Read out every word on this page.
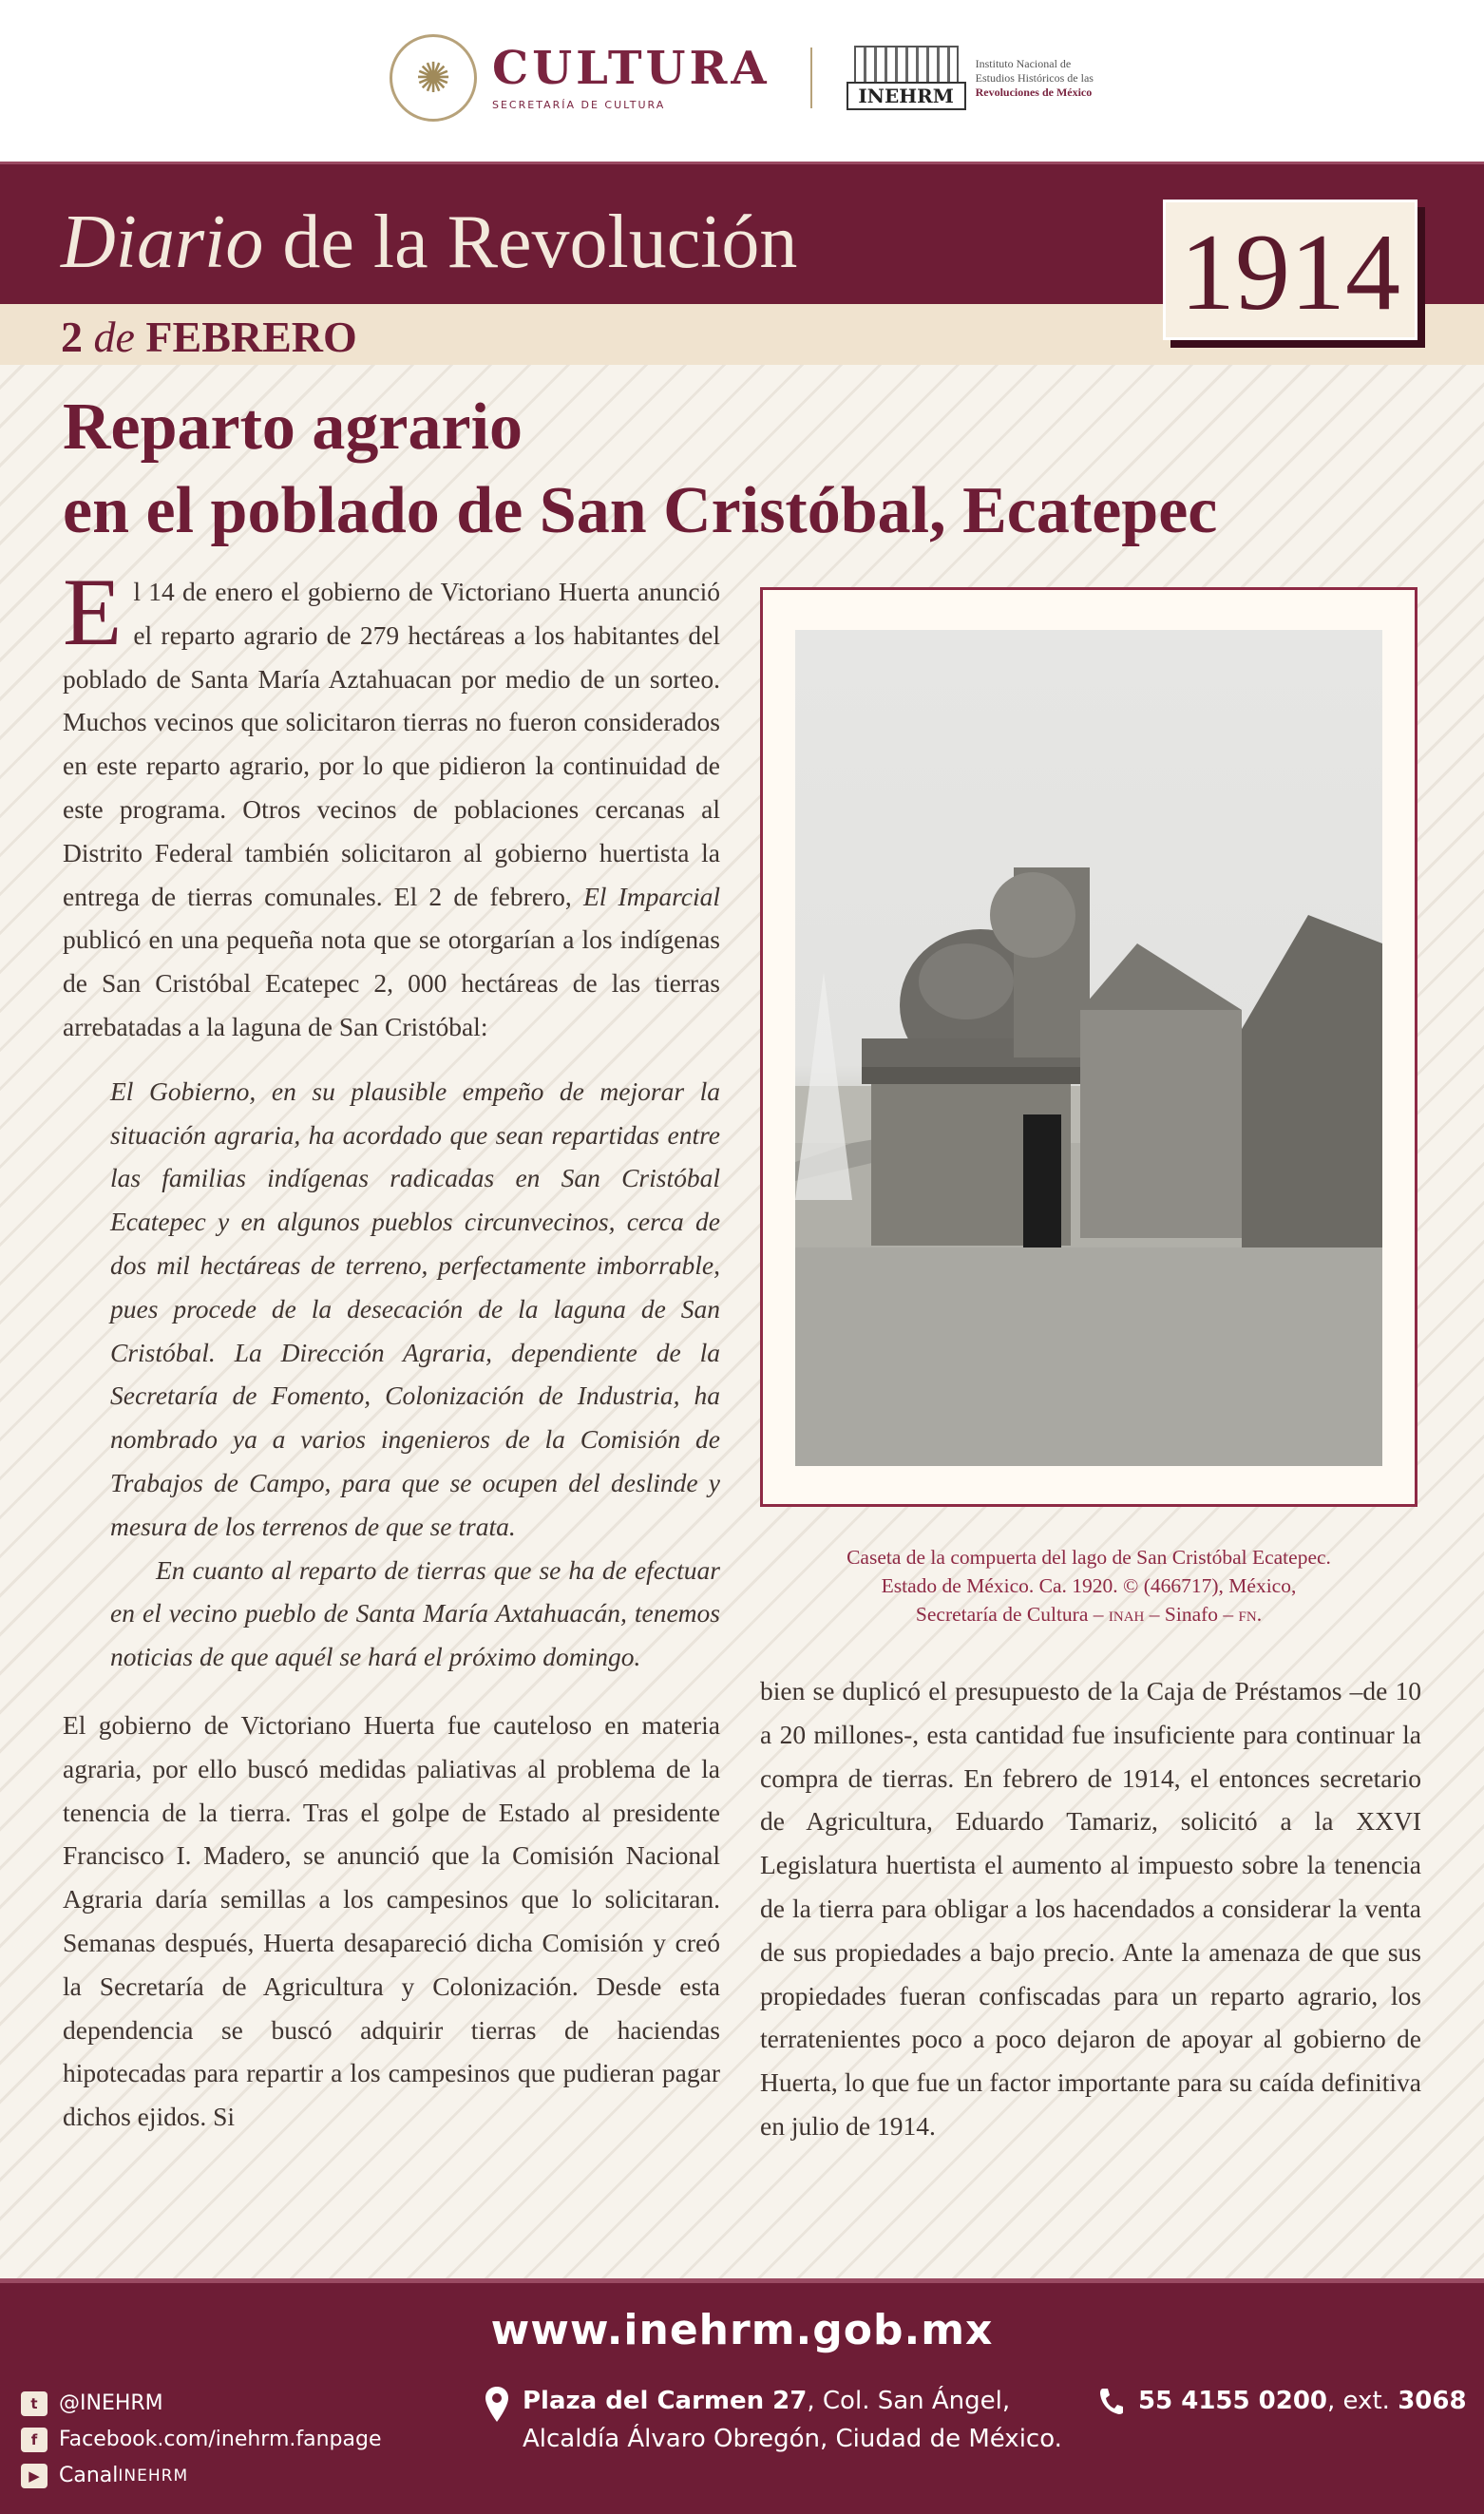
✺ CULTURA
SECRETARÍA DE CULTURA	INEHRM
Instituto Nacional de
Estudios Históricos de las
Revoluciones de México
Diario de la Revolución
2 de FEBRERO
1914
Reparto agrario
en el poblado de San Cristóbal, Ecatepec
El 14 de enero el gobierno de Victoriano Huerta anunció el reparto agrario de 279 hectáreas a los habitantes del poblado de Santa María Aztahuacan por medio de un sorteo. Muchos vecinos que solicitaron tierras no fueron considerados en este reparto agrario, por lo que pidieron la continuidad de este programa. Otros vecinos de poblaciones cercanas al Distrito Federal también solicitaron al gobierno huertista la entrega de tierras comunales. El 2 de febrero, El Imparcial publicó en una pequeña nota que se otorgarían a los indígenas de San Cristóbal Ecatepec 2, 000 hectáreas de las tierras arrebatadas a la laguna de San Cristóbal:
El Gobierno, en su plausible empeño de mejorar la situación agraria, ha acordado que sean repartidas entre las familias indígenas radicadas en San Cristóbal Ecatepec y en algunos pueblos circunvecinos, cerca de dos mil hectáreas de terreno, perfectamente imborrable, pues procede de la desecación de la laguna de San Cristóbal. La Dirección Agraria, dependiente de la Secretaría de Fomento, Colonización de Industria, ha nombrado ya a varios ingenieros de la Comisión de Trabajos de Campo, para que se ocupen del deslinde y mesura de los terrenos de que se trata.
En cuanto al reparto de tierras que se ha de efectuar en el vecino pueblo de Santa María Axtahuacán, tenemos noticias de que aquél se hará el próximo domingo.
El gobierno de Victoriano Huerta fue cauteloso en materia agraria, por ello buscó medidas paliativas al problema de la tenencia de la tierra. Tras el golpe de Estado al presidente Francisco I. Madero, se anunció que la Comisión Nacional Agraria daría semillas a los campesinos que lo solicitaran. Semanas después, Huerta desapareció dicha Comisión y creó la Secretaría de Agricultura y Colonización. Desde esta dependencia se buscó adquirir tierras de haciendas hipotecadas para repartir a los campesinos que pudieran pagar dichos ejidos. Si
Caseta de la compuerta del lago de San Cristóbal Ecatepec.
Estado de México. Ca. 1920. © (466717), México,
Secretaría de Cultura – inah – Sinafo – fn.
bien se duplicó el presupuesto de la Caja de Préstamos –de 10 a 20 millones-, esta cantidad fue insuficiente para continuar la compra de tierras. En febrero de 1914, el entonces secretario de Agricultura, Eduardo Tamariz, solicitó a la XXVI Legislatura huertista el aumento al impuesto sobre la tenencia de la tierra para obligar a los hacendados a considerar la venta de sus propiedades a bajo precio. Ante la amenaza de que sus propiedades fueran confiscadas para un reparto agrario, los terratenientes poco a poco dejaron de apoyar al gobierno de Huerta, lo que fue un factor importante para su caída definitiva en julio de 1914.
www.inehrm.gob.mx
t	@INEHRM
f	Facebook.com/inehrm.fanpage
▶ Canal INEHRM
Plaza del Carmen 27, Col. San Ángel,
Alcaldía Álvaro Obregón, Ciudad de México.
55 4155 0200, ext. 3068
